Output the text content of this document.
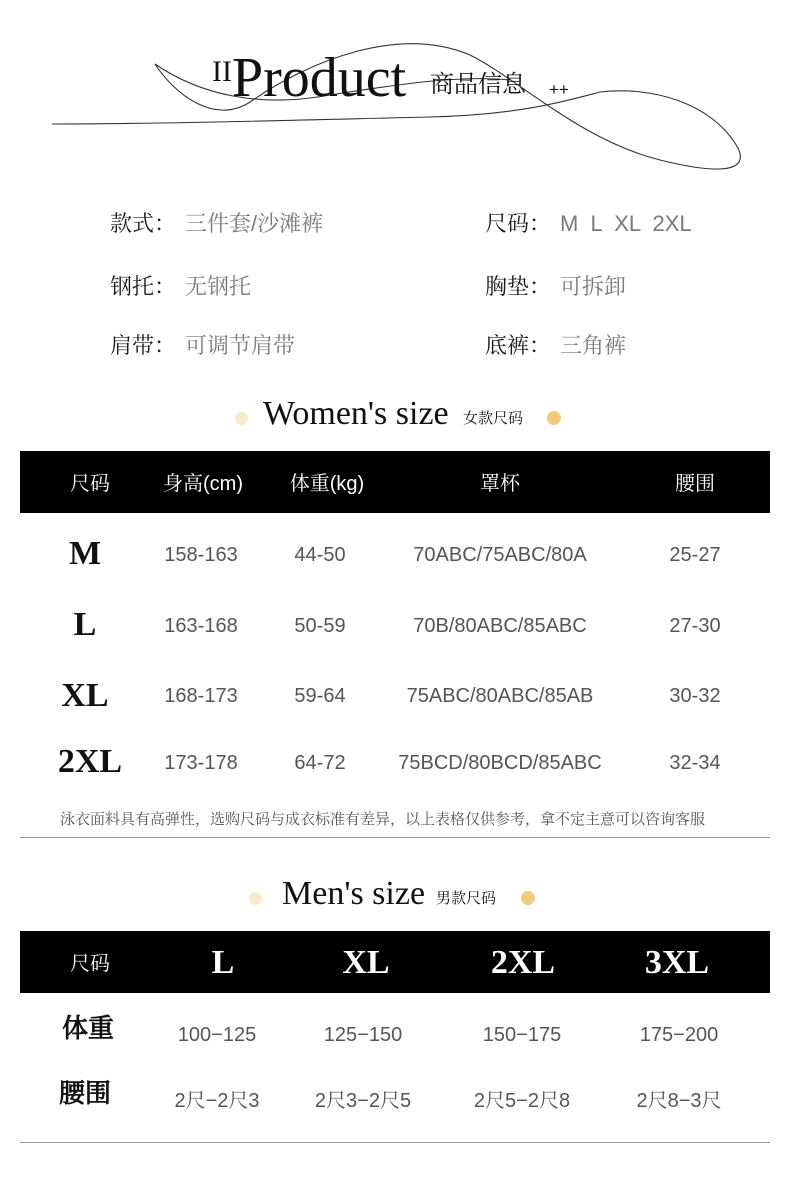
II Product 商品信息 ++
款式： 三件套/沙滩裤	尺码： M  L  XL  2XL
钢托： 无钢托	胸垫： 可拆卸
肩带： 可调节肩带	底裤： 三角裤
Women's size 女款尺码
尺码	身高(cm)	体重(kg)	罩杯	腰围
M	158-163	44-50	70ABC/75ABC/80A	25-27
L	163-168	50-59	70B/80ABC/85ABC	27-30
XL	168-173	59-64	75ABC/80ABC/85AB	30-32
2XL	173-178	64-72	75BCD/80BCD/85ABC	32-34
泳衣面料具有高弹性，选购尺码与成衣标准有差异，以上表格仅供参考，拿不定主意可以咨询客服
Men's size 男款尺码
尺码	L	XL	2XL	3XL
体重	100−125	125−150	150−175	175−200
腰围	2尺−2尺3	2尺3−2尺5	2尺5−2尺8	2尺8−3尺
